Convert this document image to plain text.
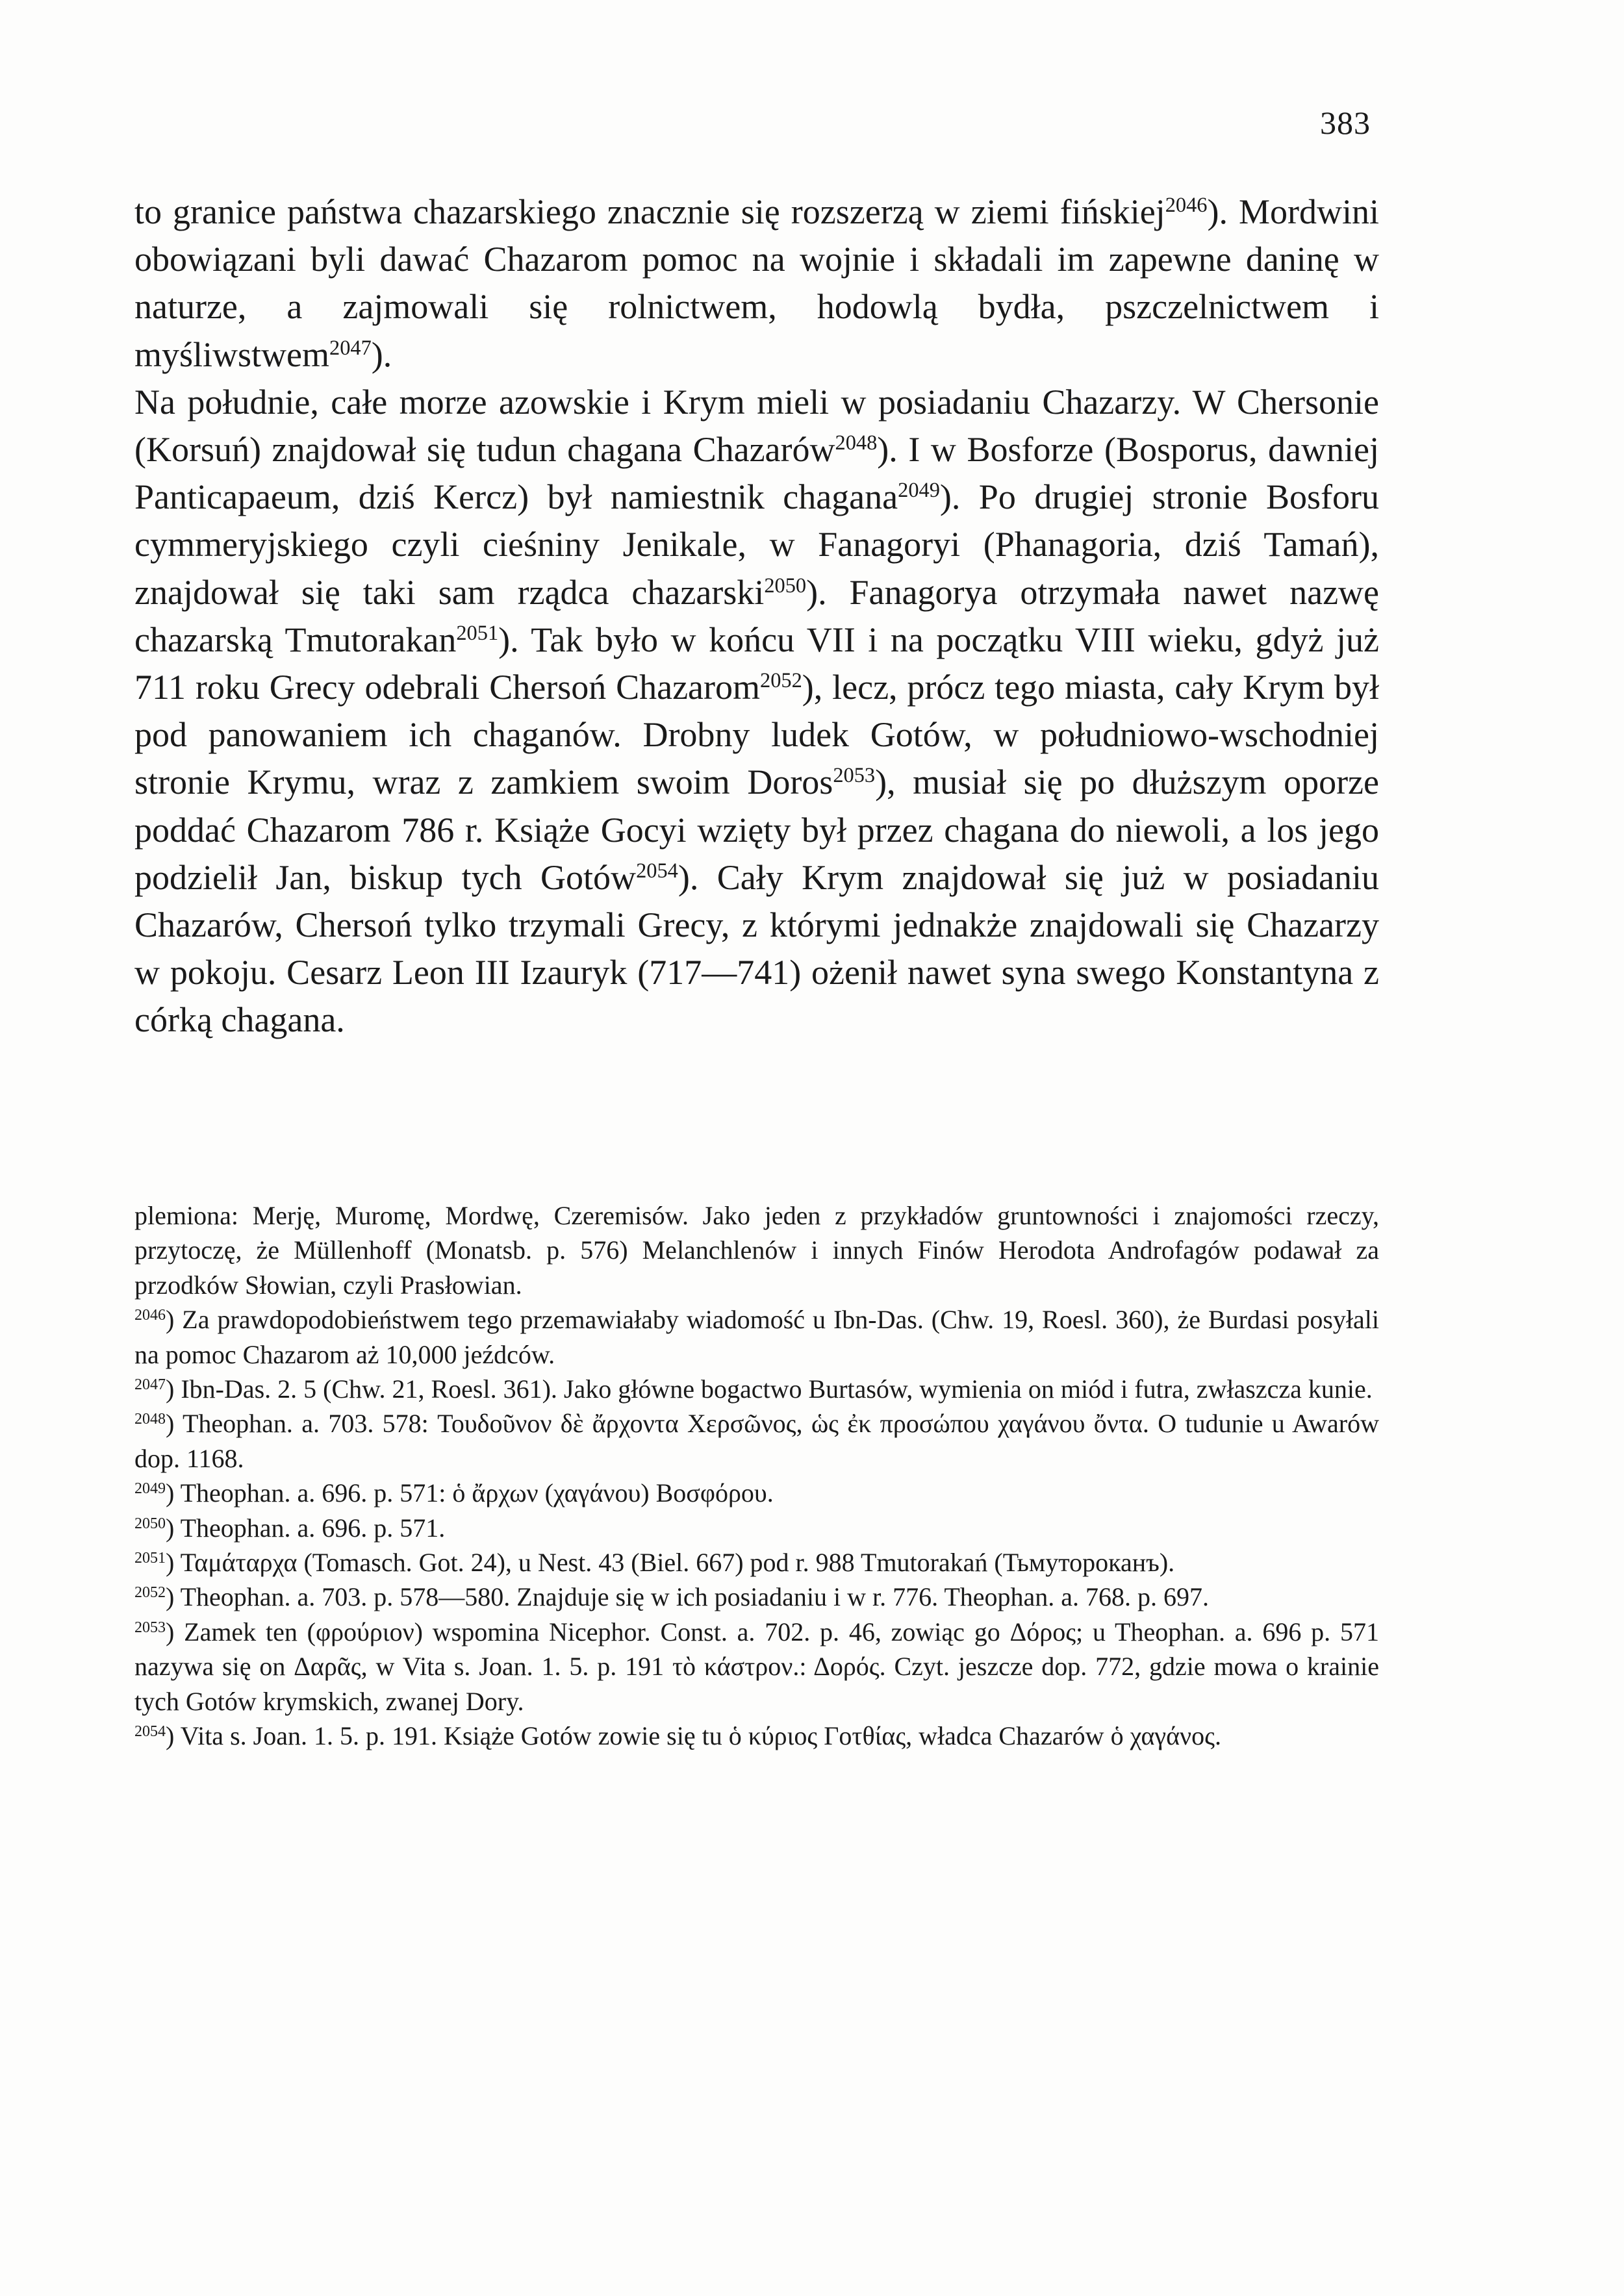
383

to granice państwa chazarskiego znacznie się rozszerzą w ziemi fińskiej$^{2046}$). Mordwini obowiązani byli dawać Chazarom pomoc na wojnie i składali im zapewne daninę w naturze, a zajmowali się rolnictwem, hodowlą bydła, pszczelnictwem i myśliwstwem$^{2047}$).

Na południe, całe morze azowskie i Krym mieli w posiadaniu Chazarzy. W Chersonie (Korsuń) znajdował się tudun chagana Chazarów$^{2048}$). I w Bosforze (Bosporus, dawniej Panticapaeum, dziś Kercz) był namiestnik chagana$^{2049}$). Po drugiej stronie Bosforu cymmeryjskiego czyli cieśniny Jenikale, w Fanagoryi (Phanagoria, dziś Tamań), znajdował się taki sam rządca chazarski$^{2050}$). Fanagorya otrzymała nawet nazwę chazarską Tmutorakan$^{2051}$). Tak było w końcu VII i na początku VIII wieku, gdyż już 711 roku Grecy odebrali Chersoń Chazarom$^{2052}$), lecz, prócz tego miasta, cały Krym był pod panowaniem ich chaganów. Drobny ludek Gotów, w południowo-wschodniej stronie Krymu, wraz z zamkiem swoim Doros$^{2053}$), musiał się po dłuższym oporze poddać Chazarom 786 r. Książe Gocyi wzięty był przez chagana do niewoli, a los jego podzielił Jan, biskup tych Gotów$^{2054}$). Cały Krym znajdował się już w posiadaniu Chazarów, Chersoń tylko trzymali Grecy, z którymi jednakże znajdowali się Chazarzy w pokoju. Cesarz Leon III Izauryk (717—741) ożenił nawet syna swego Konstantyna z córką chagana.

plemiona: Merję, Muromę, Mordwę, Czeremisów. Jako jeden z przykładów gruntowności i znajomości rzeczy, przytoczę, że Müllenhoff (Monatsb. p. 576) Melanchlenów i innych Finów Herodota Androfagów podawał za przodków Słowian, czyli Prasłowian.

$^{2046}$) Za prawdopodobieństwem tego przemawiałaby wiadomość u Ibn-Das. (Chw. 19, Roesl. 360), że Burdasi posyłali na pomoc Chazarom aż 10,000 jeźdców.

$^{2047}$) Ibn-Das. 2. 5 (Chw. 21, Roesl. 361). Jako główne bogactwo Burtasów, wymienia on miód i futra, zwłaszcza kunie.

$^{2048}$) Theophan. a. 703. 578: Τουδοῦνον δὲ ἄρχοντα Χερσῶνος, ὡς ἐκ προσώπου χαγάνου ὄντα. O tudunie u Awarów dop. 1168.

$^{2049}$) Theophan. a. 696. p. 571: ὁ ἄρχων (χαγάνου) Βοσφόρου.

$^{2050}$) Theophan. a. 696. p. 571.

$^{2051}$) Ταμάταρχα (Tomasch. Got. 24), u Nest. 43 (Biel. 667) pod r. 988 Tmutorakań (Тьмутороканъ).

$^{2052}$) Theophan. a. 703. p. 578—580. Znajduje się w ich posiadaniu i w r. 776. Theophan. a. 768. p. 697.

$^{2053}$) Zamek ten (φρούριον) wspomina Nicephor. Const. a. 702. p. 46, zowiąc go Δόρος; u Theophan. a. 696 p. 571 nazywa się on Δαρᾶς, w Vita s. Joan. 1. 5. p. 191 τὸ κάστρον.: Δορός. Czyt. jeszcze dop. 772, gdzie mowa o krainie tych Gotów krymskich, zwanej Dory.

$^{2054}$) Vita s. Joan. 1. 5. p. 191. Książe Gotów zowie się tu ὁ κύριος Γοτθίας, władca Chazarów ὁ χαγάνος.
